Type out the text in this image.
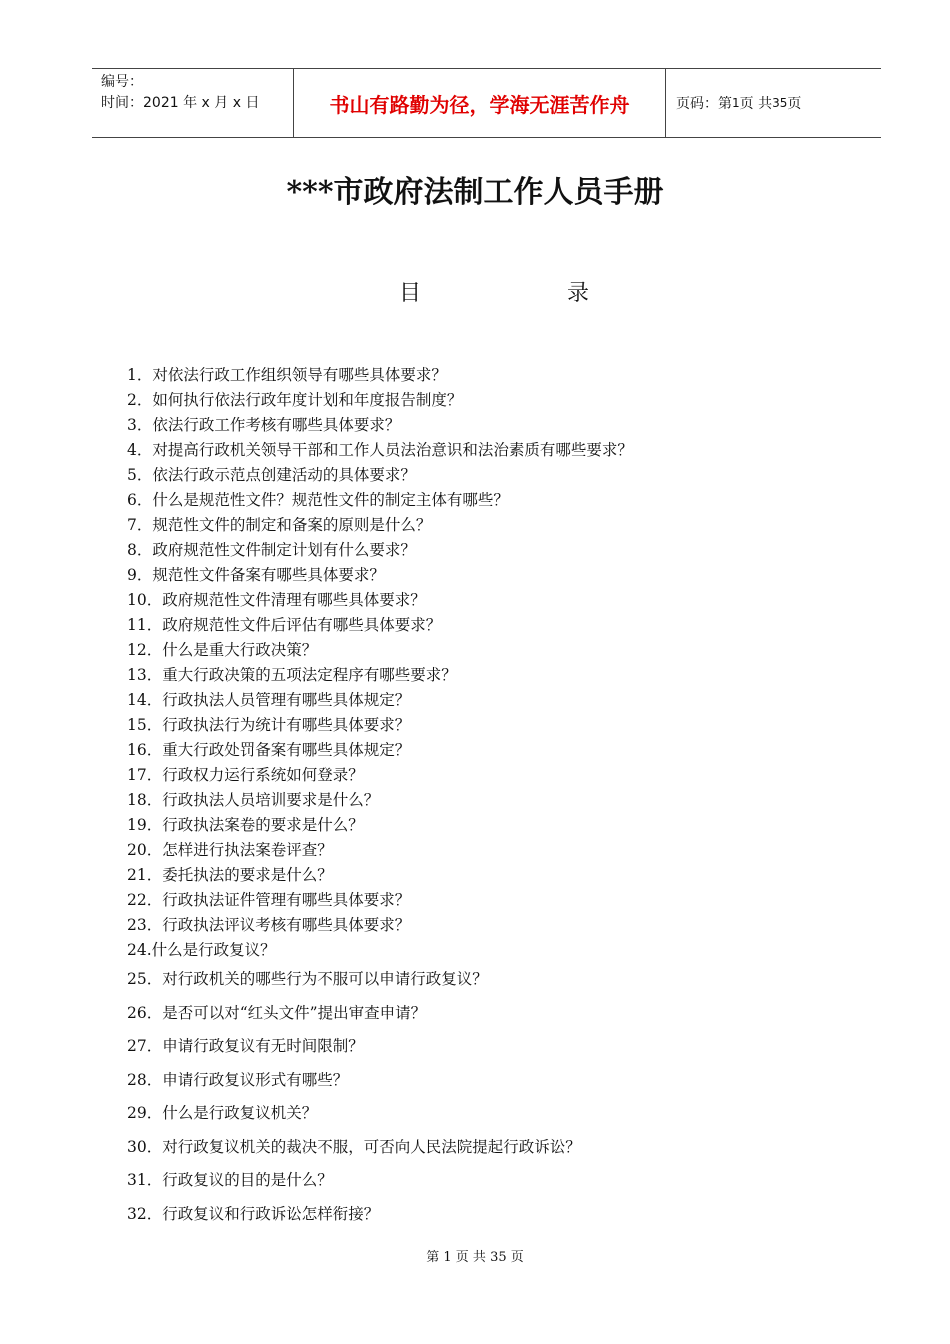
编号：
时间：2021 年 x 月 x 日	书山有路勤为径，学海无涯苦作舟	页码：第 1 页 共 35 页
***市政府法制工作人员手册
目	录
1．对依法行政工作组织领导有哪些具体要求？
2．如何执行依法行政年度计划和年度报告制度？
3．依法行政工作考核有哪些具体要求？
4．对提高行政机关领导干部和工作人员法治意识和法治素质有哪些要求？
5．依法行政示范点创建活动的具体要求？
6．什么是规范性文件？规范性文件的制定主体有哪些？
7．规范性文件的制定和备案的原则是什么？
8．政府规范性文件制定计划有什么要求？
9．规范性文件备案有哪些具体要求？
10．政府规范性文件清理有哪些具体要求？
11．政府规范性文件后评估有哪些具体要求？
12．什么是重大行政决策？
13．重大行政决策的五项法定程序有哪些要求？
14．行政执法人员管理有哪些具体规定？
15．行政执法行为统计有哪些具体要求？
16．重大行政处罚备案有哪些具体规定？
17．行政权力运行系统如何登录？
18．行政执法人员培训要求是什么？
19．行政执法案卷的要求是什么？
20．怎样进行执法案卷评查？
21．委托执法的要求是什么？
22．行政执法证件管理有哪些具体要求？
23．行政执法评议考核有哪些具体要求？
24.什么是行政复议？
25．对行政机关的哪些行为不服可以申请行政复议？
26．是否可以对“红头文件”提出审查申请？
27．申请行政复议有无时间限制？
28．申请行政复议形式有哪些？
29．什么是行政复议机关？
30．对行政复议机关的裁决不服，可否向人民法院提起行政诉讼？
31．行政复议的目的是什么？
32．行政复议和行政诉讼怎样衔接？
第 1 页 共 35 页
